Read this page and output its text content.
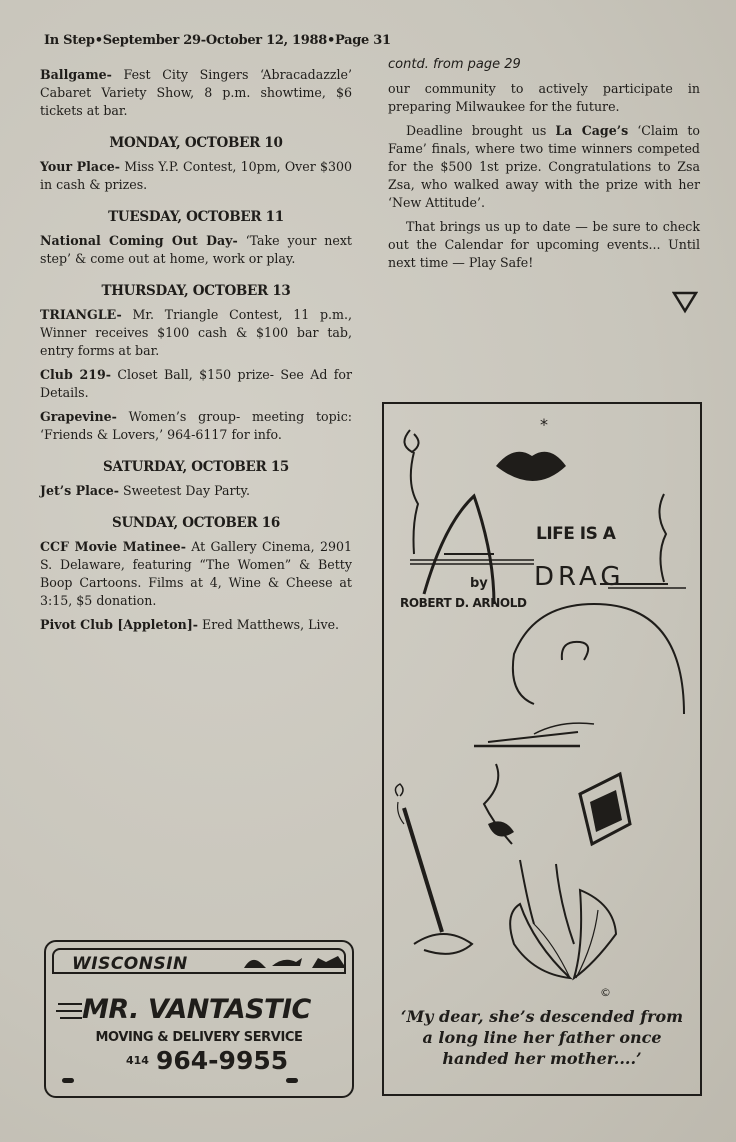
In Step•September 29-October 12, 1988•Page 31

Ballgame- Fest City Singers ‘Abracadazzle’ Cabaret Variety Show, 8 p.m. showtime, $6 tickets at bar.

MONDAY, OCTOBER 10

Your Place- Miss Y.P. Contest, 10pm, Over $300 in cash & prizes.

TUESDAY, OCTOBER 11

National Coming Out Day- ‘Take your next step’ & come out at home, work or play.

THURSDAY, OCTOBER 13

TRIANGLE- Mr. Triangle Contest, 11 p.m., Winner receives $100 cash & $100 bar tab, entry forms at bar.

Club 219- Closet Ball, $150 prize- See Ad for Details.

Grapevine- Women’s group- meeting topic: ‘Friends & Lovers,’ 964-6117 for info.

SATURDAY, OCTOBER 15

Jet’s Place- Sweetest Day Party.

SUNDAY, OCTOBER 16

CCF Movie Matinee- At Gallery Cinema, 2901 S. Delaware, featuring “The Women” & Betty Boop Cartoons. Films at 4, Wine & Cheese at 3:15, $5 donation.

Pivot Club [Appleton]- Ered Matthews, Live.

contd. from page 29

our community to actively participate in preparing Milwaukee for the future.

Deadline brought us La Cage’s ‘Claim to Fame’ finals, where two time winners competed for the $500 1st prize. Congratulations to Zsa Zsa, who walked away with the prize with her ‘New Attitude’.

That brings us up to date — be sure to check out the Calendar for upcoming events... Until next time — Play Safe!

WISCONSIN
MR. VANTASTIC
MOVING & DELIVERY SERVICE
414 964-9955
*
©
LIFE IS A
DRAG
by
ROBERT D. ARNOLD
‘My dear, she’s descended from a long line her father once handed her mother....’
